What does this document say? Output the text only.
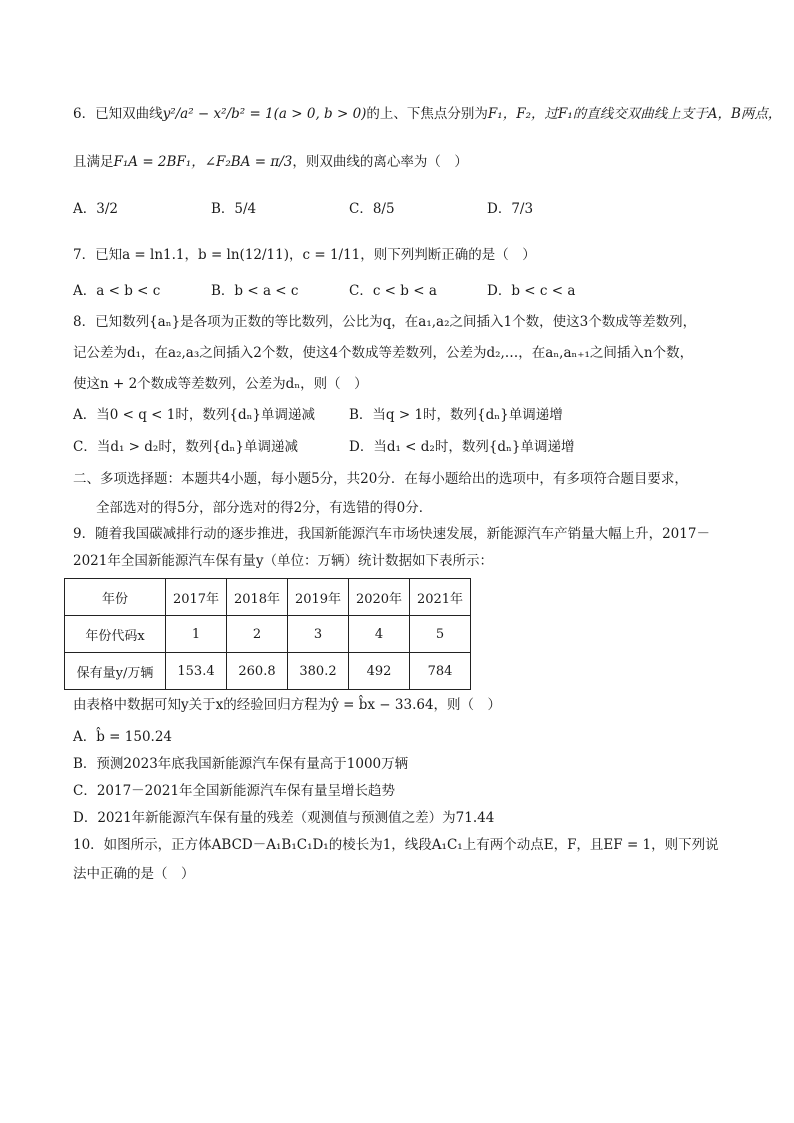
6．已知双曲线y²/a² − x²/b² = 1(a > 0, b > 0)的上、下焦点分别为F₁，F₂，过F₁的直线交双曲线上支于A，B两点，
且满足F₁A = 2BF₁，∠F₂BA = π/3，则双曲线的离心率为（　）
A．3/2	B．5/4	C．8/5	D．7/3
7．已知a = ln1.1，b = ln(12/11)，c = 1/11，则下列判断正确的是（　）
A．a < b < c	B．b < a < c	C．c < b < a	D．b < c < a
8．已知数列{aₙ}是各项为正数的等比数列，公比为q，在a₁,a₂之间插入1个数，使这3个数成等差数列，
记公差为d₁，在a₂,a₃之间插入2个数，使这4个数成等差数列，公差为d₂,…，在aₙ,aₙ₊₁之间插入n个数，
使这n + 2个数成等差数列，公差为dₙ，则（　）
A．当0 < q < 1时，数列{dₙ}单调递减	B．当q > 1时，数列{dₙ}单调递增
C．当d₁ > d₂时，数列{dₙ}单调递减	D．当d₁ < d₂时，数列{dₙ}单调递增
二、多项选择题：本题共4小题，每小题5分，共20分．在每小题给出的选项中，有多项符合题目要求，
全部选对的得5分，部分选对的得2分，有选错的得0分．
9．随着我国碳减排行动的逐步推进，我国新能源汽车市场快速发展，新能源汽车产销量大幅上升，2017－
2021年全国新能源汽车保有量y（单位：万辆）统计数据如下表所示：
年份	2017年	2018年	2019年	2020年	2021年
年份代码x	1	2	3	4	5
保有量y/万辆	153.4	260.8	380.2	492	784
由表格中数据可知y关于x的经验回归方程为ŷ = b̂x − 33.64，则（　）
A．b̂ = 150.24
B．预测2023年底我国新能源汽车保有量高于1000万辆
C．2017－2021年全国新能源汽车保有量呈增长趋势
D．2021年新能源汽车保有量的残差（观测值与预测值之差）为71.44
10．如图所示，正方体ABCD－A₁B₁C₁D₁的棱长为1，线段A₁C₁上有两个动点E，F，且EF = 1，则下列说
法中正确的是（　）
